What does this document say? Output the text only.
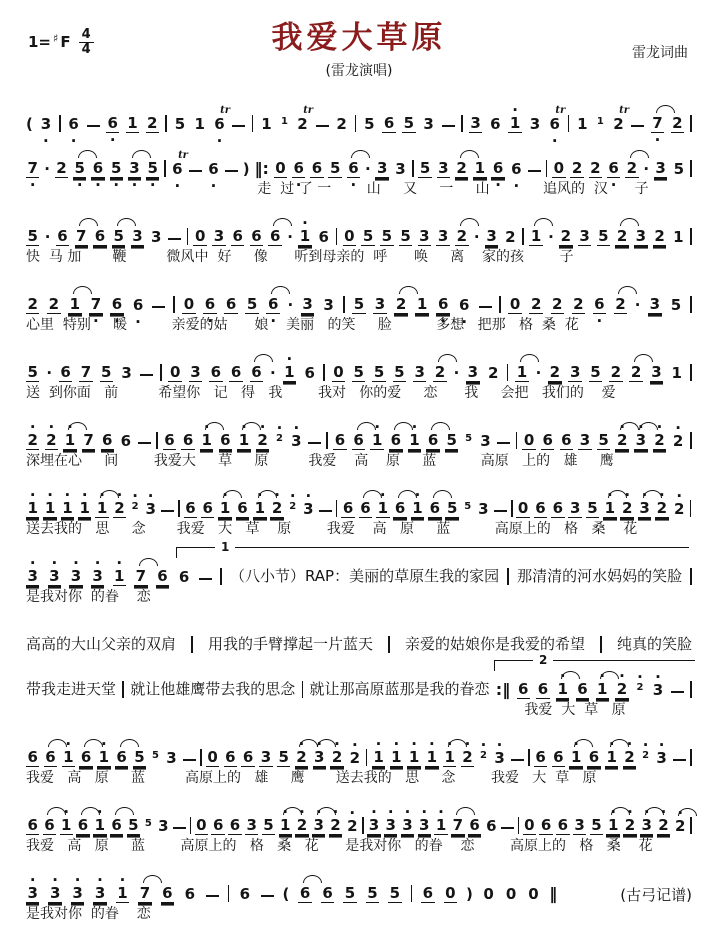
1= ♯ F $\frac{4}{4}$	我爱大草原
(雷龙演唱)
雷龙词曲
( 3 · 6 · 6 · 1 2 5 1 6
tr
·
1 1 2
tr
2 5 6 5 3 3 6 · 1 3 6
tr
·
1 1 2
tr
7
· 2
7 · · 2 5
· 6 · 5 · 3
· 5 · 6
tr
·
6 · ) ‖: 0 6 · 6 5 6
· · 3 3 5 3 2 1 6 · 6 · 0 2 2 6 · 2 · 3 5
走  过 了 一        山     又     一     山            追风的  汉      子
5 · 6 7 6 5 3 3 0 3 6 6 6 · · 1 6 0 5 5 5 3 3 2 · 3 2 1 · 2 3 5 2 3 2 1
快  马 加       鞭         微风中  好     像      听到母亲的  呼      唤     离    家的孩        子
2 2 1 7 · 6 · 6 ·	0 6 · 6 5 6
· · 3 3 5 3 2 1 6 · 6 ·	0 2 2 2 6 · 2 · 3 5
心里  特别     暖          亲爱的姑      娘    美丽   的笑     脸          多想   把那   格  桑  花
5 · 6 7 5 3	0 3 6 6 6 · · 1 6 0 5 5 5 3 2 · 3 2 1 · 2 3 5 2 2 3 1
送  到你面   前         希望你   记   得   我        我对   你的爱     恋      我     会把   我们的    爱
· 2 · 2 · 1 7 6 6 6 6 · 1 6 · 1 · 2 · 2 · 3 6 6 · 1 6 · 1 6 5 5 3 0 6 6 3 5 · 2 · 3 · 2 · 2
深埋在心     间        我爱大     草     原         我爱    高    原     蓝          高原   上的   雄     鹰
· 1 · 1 · 1 · 1 · 1 · 2 · 2 · 3 6 6 · 1 6 · 1 · 2 · 2 · 3 6 6 · 1 6 · 1 6 5 5 3 0 6 6 3 5 · 1 · 2 · 3 · 2 · 2
送去我的   思     念       我爱   大   草    原        我爱    高   原     蓝          高原上的   格   桑    花
1
· 3 · 3 · 3 · 3 · 1 7 6 6	（八小节）RAP：美丽的草原生我的家园 那清清的河水妈妈的笑脸
是我对你  的眷    恋
高高的大山父亲的双肩 用我的手臂撑起一片蓝天 亲爱的姑娘你是我爱的希望 纯真的笑脸
2
带我走进天堂 就让他雄鹰带去我的思念 就让那高原蓝那是我的眷恋 :‖ 6 6 · 1 6 · 1 · 2 · 2 · 3
我爱  大  草   原
6 6 · 1 6 · 1 6 5 5 3 0 6 6 3 5 · 2 · 3 · 2 · 2 · 1 · 1 · 1 · 1 · 1 · 2 · 2 · 3 6 6 · 1 6 · 1 · 2 · 2 · 3
我爱   高   原     蓝         高原上的   雄     鹰       送去我的   思     念        我爱   大  草   原
6 6 · 1 6 · 1 6 5 5 3 0 6 6 3 5 · 1 · 2 · 3 · 2 · 2 · 3 · 3 · 3 · 3 · 1 7 6 6 0 6 6 3 5 · 1 · 2 · 3 · 2 · 2
我爱   高   原     蓝        高原上的   格   桑   花      是我对你   的眷    恋        高原上的   格   桑    花
· 3 · 3 · 3 · 3 · 1 7 6 6	6 ( 6 6 5 5 5 6 0 ) 0 0 0 ‖
是我对你  的眷    恋
(古弓记谱)
